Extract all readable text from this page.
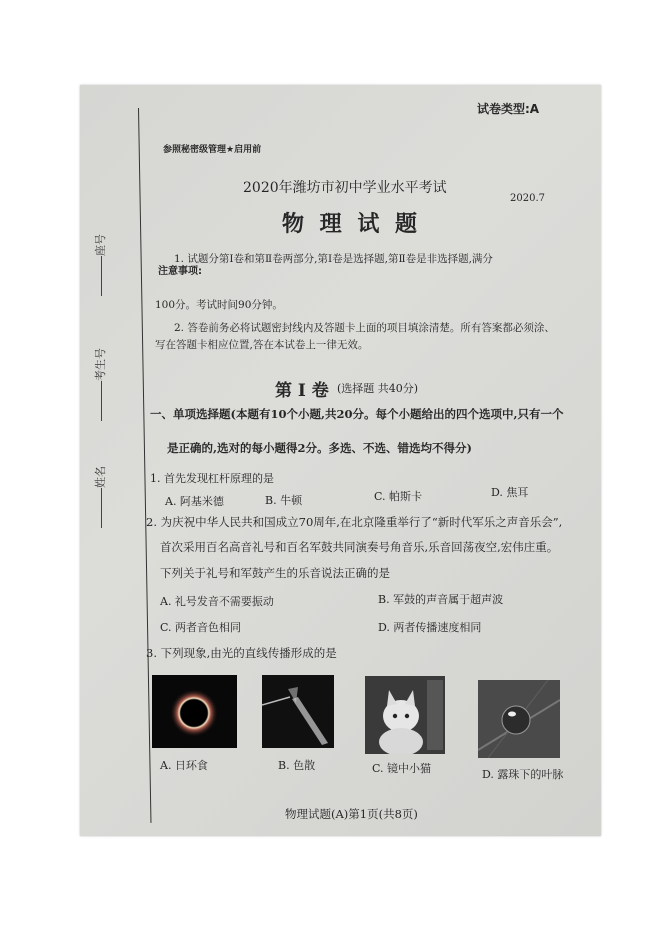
座号
考生号
姓名
试卷类型:A
参照秘密级管理★启用前
2020年潍坊市初中学业水平考试
2020.7
物 理 试 题
注意事项:
1. 试题分第Ⅰ卷和第Ⅱ卷两部分,第Ⅰ卷是选择题,第Ⅱ卷是非选择题,满分
100分。考试时间90分钟。
2. 答卷前务必将试题密封线内及答题卡上面的项目填涂清楚。所有答案都必须涂、
写在答题卡相应位置,答在本试卷上一律无效。
第 Ⅰ 卷 (选择题 共40分)
一、单项选择题(本题有10个小题,共20分。每个小题给出的四个选项中,只有一个
是正确的,选对的每小题得2分。多选、不选、错选均不得分)
1. 首先发现杠杆原理的是
A. 阿基米德	B. 牛顿	C. 帕斯卡	D. 焦耳
2. 为庆祝中华人民共和国成立70周年,在北京隆重举行了“新时代军乐之声音乐会”,
首次采用百名高音礼号和百名军鼓共同演奏号角音乐,乐音回荡夜空,宏伟庄重。
下列关于礼号和军鼓产生的乐音说法正确的是
A. 礼号发音不需要振动	B. 军鼓的声音属于超声波
C. 两者音色相同	D. 两者传播速度相同
3. 下列现象,由光的直线传播形成的是
A. 日环食	B. 色散	C. 镜中小猫	D. 露珠下的叶脉
物理试题(A)第1页(共8页)
